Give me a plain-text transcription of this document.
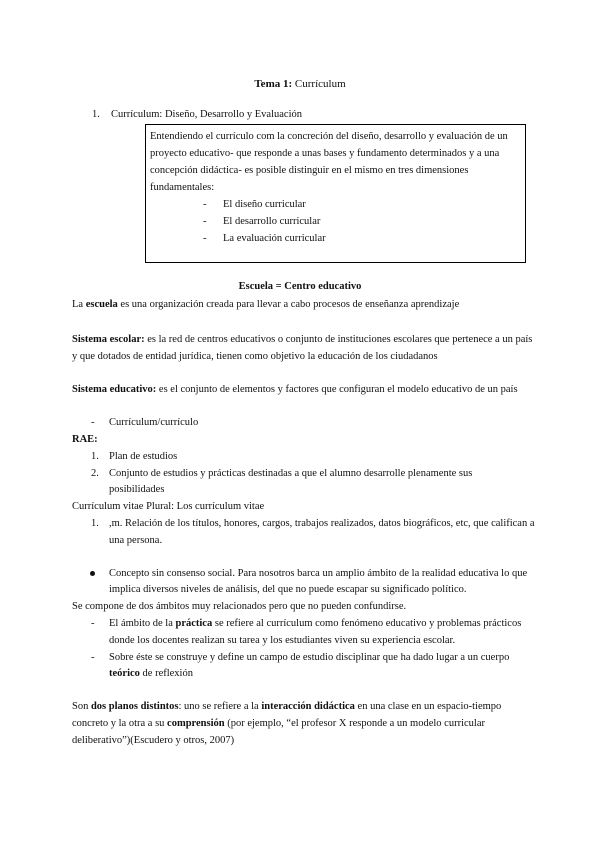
Tema 1: Currículum
1. Currículum: Diseño, Desarrollo y Evaluación
Entendiendo el currículo com la concreción del diseño, desarrollo y evaluación de un
proyecto educativo- que responde a unas bases y fundamento determinados y a una
concepción didáctica- es posible distinguir en el mismo en tres dimensiones
fundamentales:
- El diseño curricular
- El desarrollo curricular
- La evaluación curricular
Escuela = Centro educativo
La escuela es una organización creada para llevar a cabo procesos de enseñanza aprendizaje
Sistema escolar: es la red de centros educativos o conjunto de instituciones escolares que pertenece a un país
y que dotados de entidad jurídica, tienen como objetivo la educación de los ciudadanos
Sistema educativo: es el conjunto de elementos y factores que configuran el modelo educativo de un país
- Currículum/currículo
RAE:
1. Plan de estudios
2. Conjunto de estudios y prácticas destinadas a que el alumno desarrolle plenamente sus
posibilidades
Currículum vitae Plural: Los currículum vitae
1. ,m. Relación de los títulos, honores, cargos, trabajos realizados, datos biográficos, etc, que califican a
una persona.
Concepto sin consenso social. Para nosotros barca un amplio ámbito de la realidad educativa lo que
implica diversos niveles de análisis, del que no puede escapar su significado político.
Se compone de dos ámbitos muy relacionados pero que no pueden confundirse.
- El ámbito de la práctica se refiere al currículum como fenómeno educativo y problemas prácticos
donde los docentes realizan su tarea y los estudiantes viven su experiencia escolar.
- Sobre éste se construye y define un campo de estudio disciplinar que ha dado lugar a un cuerpo
teórico de reflexión
Son dos planos distintos: uno se refiere a la interacción didáctica en una clase en un espacio-tiempo
concreto y la otra a su comprensión (por ejemplo, “el profesor X responde a un modelo curricular
deliberativo”)(Escudero y otros, 2007)
